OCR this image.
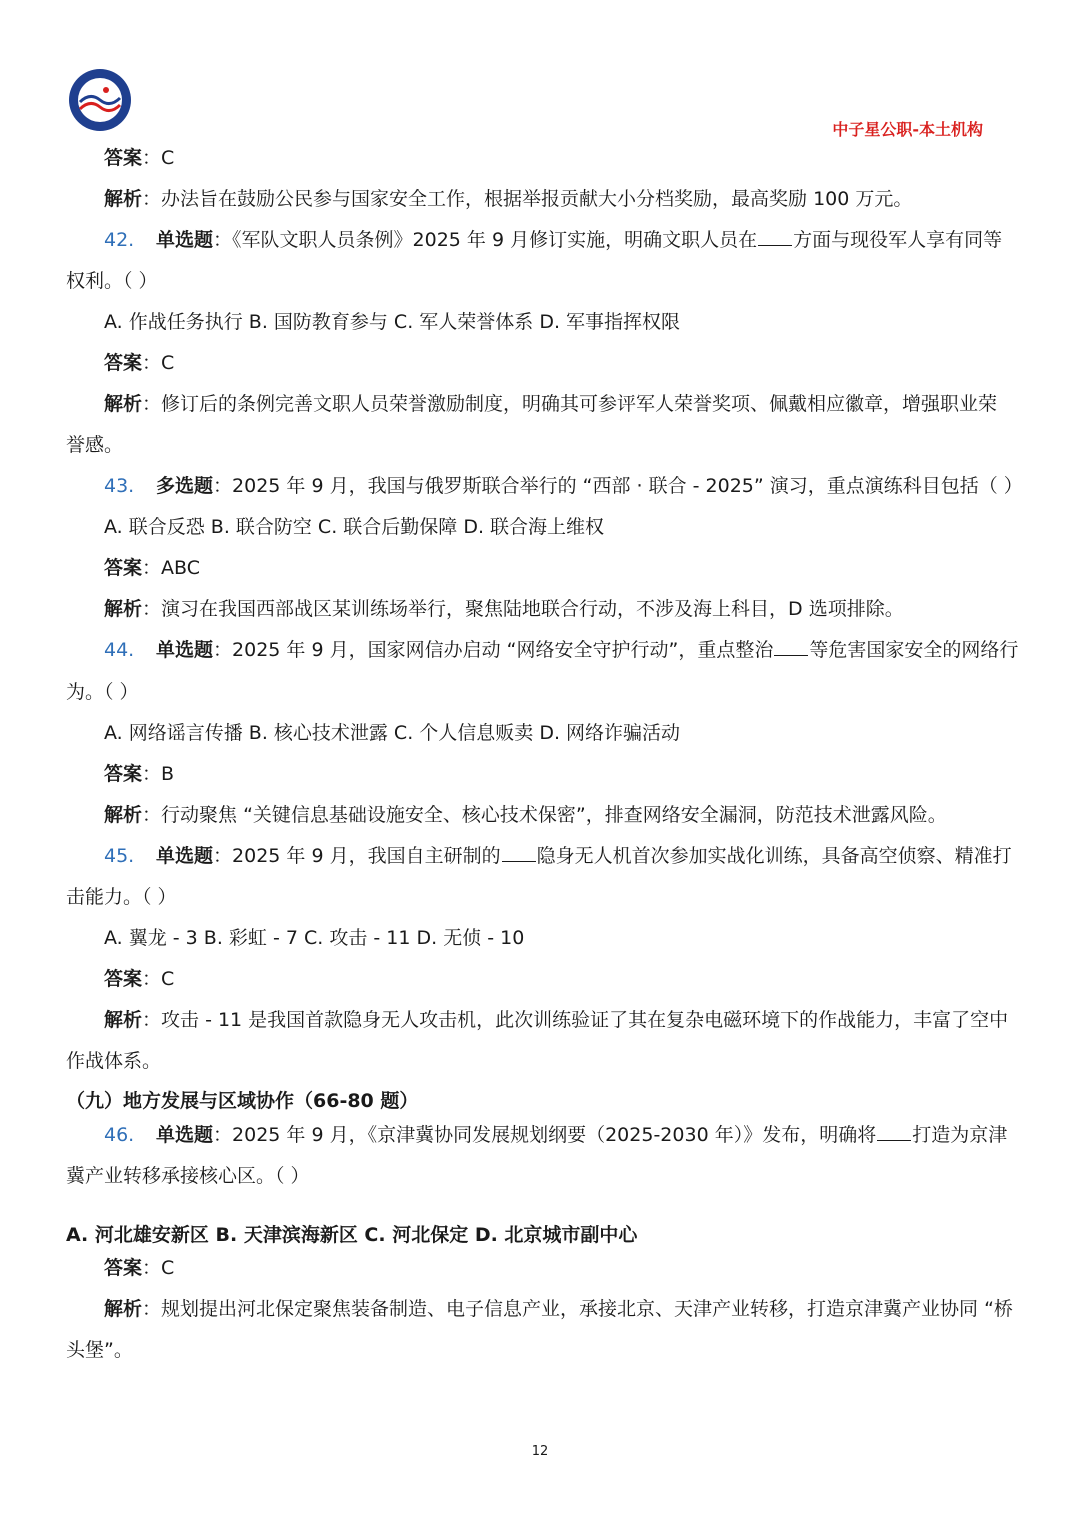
中子星公职-本土机构
答案：C
解析：办法旨在鼓励公民参与国家安全工作，根据举报贡献大小分档奖励，最高奖励 100 万元。
42. 单选题：《军队文职人员条例》2025 年 9 月修订实施，明确文职人员在 方面与现役军人享有同等
权利。（ ）
A. 作战任务执行 B. 国防教育参与 C. 军人荣誉体系 D. 军事指挥权限
答案：C
解析：修订后的条例完善文职人员荣誉激励制度，明确其可参评军人荣誉奖项、佩戴相应徽章，增强职业荣
誉感。
43. 多选题：2025 年 9 月，我国与俄罗斯联合举行的 “西部 · 联合 - 2025” 演习，重点演练科目包括（ ）
A. 联合反恐 B. 联合防空 C. 联合后勤保障 D. 联合海上维权
答案：ABC
解析：演习在我国西部战区某训练场举行，聚焦陆地联合行动，不涉及海上科目，D 选项排除。
44. 单选题：2025 年 9 月，国家网信办启动 “网络安全守护行动”，重点整治 等危害国家安全的网络行
为。（ ）
A. 网络谣言传播 B. 核心技术泄露 C. 个人信息贩卖 D. 网络诈骗活动
答案：B
解析：行动聚焦 “关键信息基础设施安全、核心技术保密”，排查网络安全漏洞，防范技术泄露风险。
45. 单选题：2025 年 9 月，我国自主研制的 隐身无人机首次参加实战化训练，具备高空侦察、精准打
击能力。（ ）
A. 翼龙 - 3 B. 彩虹 - 7 C. 攻击 - 11 D. 无侦 - 10
答案：C
解析：攻击 - 11 是我国首款隐身无人攻击机，此次训练验证了其在复杂电磁环境下的作战能力，丰富了空中
作战体系。
（九）地方发展与区域协作（66-80 题）
46. 单选题：2025 年 9 月，《京津冀协同发展规划纲要（2025-2030 年）》发布，明确将 打造为京津
冀产业转移承接核心区。（ ）
A. 河北雄安新区 B. 天津滨海新区 C. 河北保定 D. 北京城市副中心
答案：C
解析：规划提出河北保定聚焦装备制造、电子信息产业，承接北京、天津产业转移，打造京津冀产业协同 “桥
头堡”。
12
